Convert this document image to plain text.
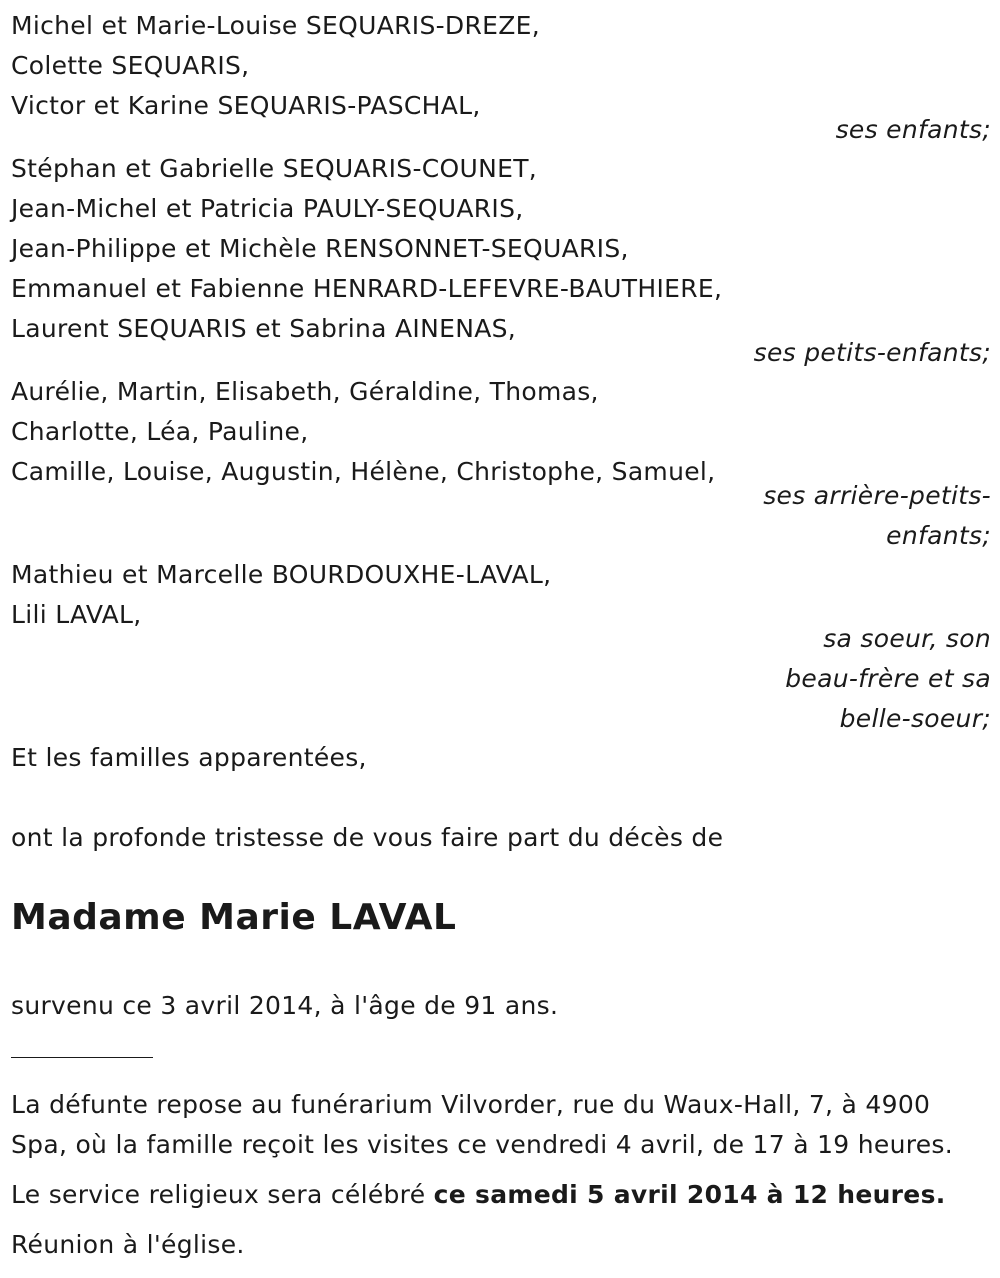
Michel et Marie-Louise SEQUARIS-DREZE,
Colette SEQUARIS,
Victor et Karine SEQUARIS-PASCHAL,
ses enfants;
Stéphan et Gabrielle SEQUARIS-COUNET,
Jean-Michel et Patricia PAULY-SEQUARIS,
Jean-Philippe et Michèle RENSONNET-SEQUARIS,
Emmanuel et Fabienne HENRARD-LEFEVRE-BAUTHIERE,
Laurent SEQUARIS et Sabrina AINENAS,
ses petits-enfants;
Aurélie, Martin, Elisabeth, Géraldine, Thomas,
Charlotte, Léa, Pauline,
Camille, Louise, Augustin, Hélène, Christophe, Samuel,
ses arrière-petits-
enfants;
Mathieu et Marcelle BOURDOUXHE-LAVAL,
Lili LAVAL,
sa soeur, son
beau-frère et sa
belle-soeur;
Et les familles apparentées,
ont la profonde tristesse de vous faire part du décès de
Madame Marie LAVAL
survenu ce 3 avril 2014, à l'âge de 91 ans.
La défunte repose au funérarium Vilvorder, rue du Waux-Hall, 7, à 4900
Spa, où la famille reçoit les visites ce vendredi 4 avril, de 17 à 19 heures.
Le service religieux sera célébré ce samedi 5 avril 2014 à 12 heures.
Réunion à l'église.
